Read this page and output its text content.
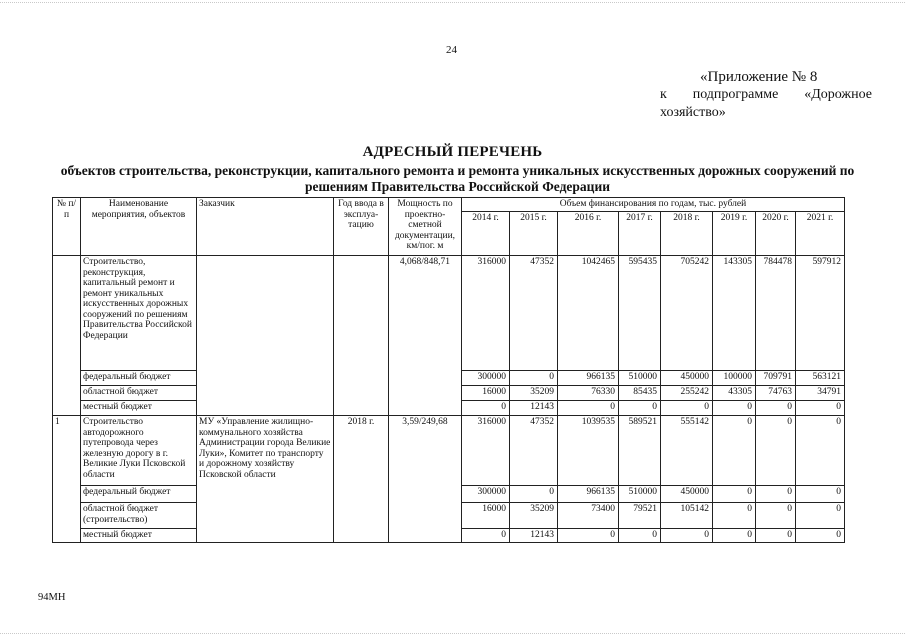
24
«Приложение № 8
к подпрограмме «Дорожное
хозяйство»
АДРЕСНЫЙ ПЕРЕЧЕНЬ
объектов строительства, реконструкции, капитального ремонта и ремонта уникальных искусственных дорожных сооружений по решениям Правительства Российской Федерации
№ п/п	Наименование мероприятия, объектов	Заказчик	Год ввода в эксплуа-тацию	Мощность по проектно-сметной документации, км/пог. м	Объем финансирования по годам, тыс. рублей							
					2014 г.	2015 г.	2016 г.	2017 г.	2018 г.	2019 г.	2020 г.	2021 г.
	Строительство, реконструкция, капитальный ремонт и ремонт уникальных искусственных дорожных сооружений по решениям Правительства Российской Федерации			4,068/848,71	316000	47352	1042465	595435	705242	143305	784478	597912
	федеральный бюджет				300000	0	966135	510000	450000	100000	709791	563121
	областной бюджет				16000	35209	76330	85435	255242	43305	74763	34791
	местный бюджет				0	12143	0	0	0	0	0	0
1	Строительство автодорожного путепровода через железную дорогу в г. Великие Луки Псковской области	МУ «Управление жилищно-коммунального хозяйства Администрации города Великие Луки», Комитет по транспорту и дорожному хозяйству Псковской области	2018 г.	3,59/249,68	316000	47352	1039535	589521	555142	0	0	0
	федеральный бюджет				300000	0	966135	510000	450000	0	0	0
	областной бюджет (строительство)				16000	35209	73400	79521	105142	0	0	0
	местный бюджет				0	12143	0	0	0	0	0	0
94МН
